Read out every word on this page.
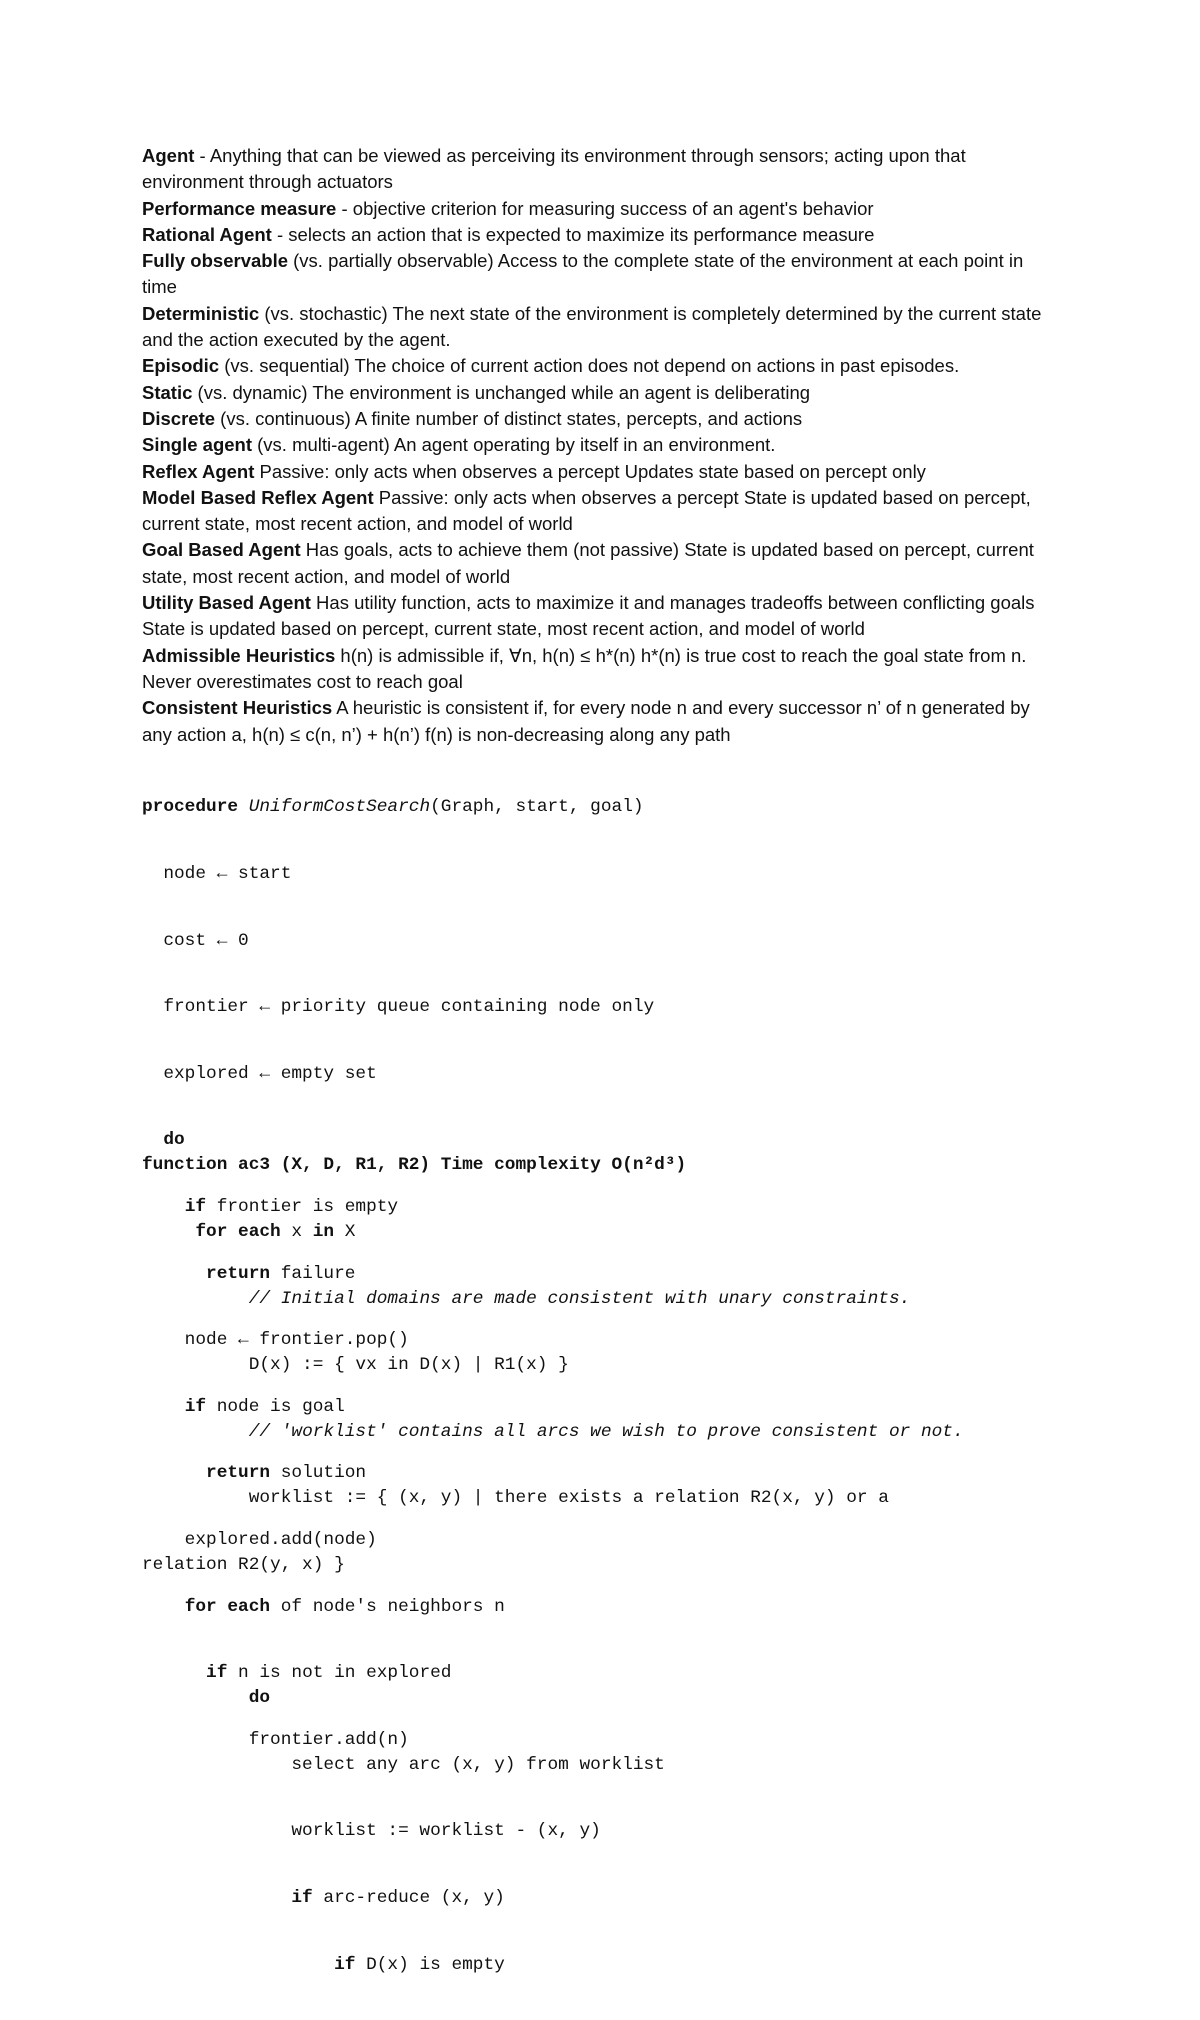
Agent - Anything that can be viewed as perceiving its environment through sensors; acting upon that environment through actuators

Performance measure - objective criterion for measuring success of an agent's behavior

Rational Agent - selects an action that is expected to maximize its performance measure

Fully observable (vs. partially observable) Access to the complete state of the environment at each point in time

Deterministic (vs. stochastic) The next state of the environment is completely determined by the current state and the action executed by the agent.

Episodic (vs. sequential) The choice of current action does not depend on actions in past episodes.

Static (vs. dynamic) The environment is unchanged while an agent is deliberating

Discrete (vs. continuous) A finite number of distinct states, percepts, and actions

Single agent (vs. multi-agent) An agent operating by itself in an environment.

Reflex Agent Passive: only acts when observes a percept Updates state based on percept only

Model Based Reflex Agent Passive: only acts when observes a percept State is updated based on percept, current state, most recent action, and model of world

Goal Based Agent Has goals, acts to achieve them (not passive) State is updated based on percept, current state, most recent action, and model of world

Utility Based Agent Has utility function, acts to maximize it and manages tradeoffs between conflicting goals State is updated based on percept, current state, most recent action, and model of world

Admissible Heuristics h(n) is admissible if, ∀n, h(n) ≤ h*(n) h*(n) is true cost to reach the goal state from n. Never overestimates cost to reach goal

Consistent Heuristics A heuristic is consistent if, for every node n and every successor n’ of n generated by any action a, h(n) ≤ c(n, n’) + h(n’) f(n) is non-decreasing along any path

procedure UniformCostSearch(Graph, start, goal)

node ← start

cost ← 0

frontier ← priority queue containing node only

explored ← empty set

do

if frontier is empty

return failure

node ← frontier.pop()

if node is goal

return solution

explored.add(node)

for each of node's neighbors n

if n is not in explored

frontier.add(n)

function ac3 (X, D, R1, R2) Time complexity O(n²d³)

for each x in X

// Initial domains are made consistent with unary constraints.

D(x) := { vx in D(x) | R1(x) }

// 'worklist' contains all arcs we wish to prove consistent or not.

worklist := { (x, y) | there exists a relation R2(x, y) or a

relation R2(y, x) }

do

select any arc (x, y) from worklist

worklist := worklist - (x, y)

if arc-reduce (x, y)

if D(x) is empty
